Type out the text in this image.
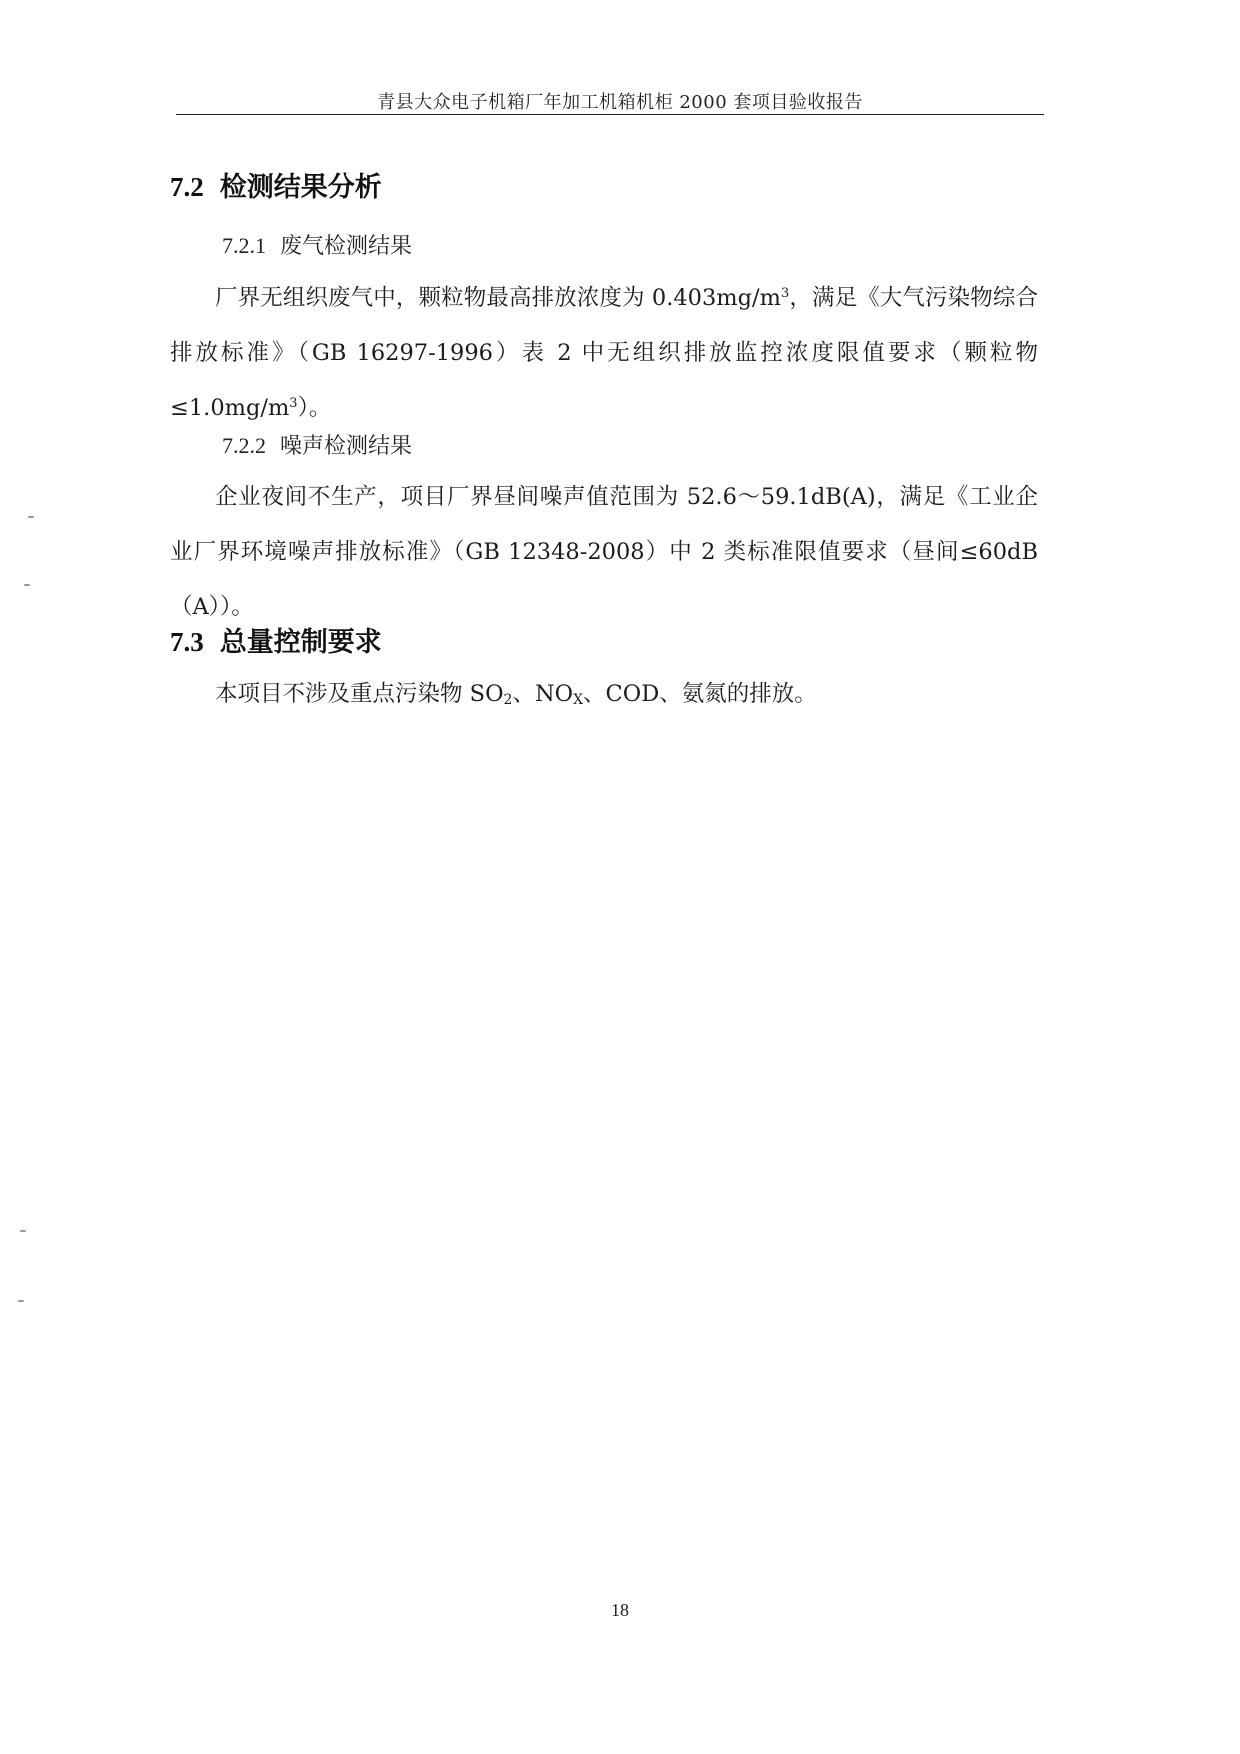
青县大众电子机箱厂年加工机箱机柜 2000 套项目验收报告
7.2 检测结果分析
7.2.1 废气检测结果
厂界无组织废气中，颗粒物最高排放浓度为 $0.403mg/m^3$，满足《大气污染物综合排放标准》（GB 16297-1996）表 2 中无组织排放监控浓度限值要求（颗粒物$\le 1.0mg/m^3$）。
7.2.2 噪声检测结果
企业夜间不生产，项目厂界昼间噪声值范围为 52.6～59.1dB(A)，满足《工业企业厂界环境噪声排放标准》（GB 12348-2008）中 2 类标准限值要求（昼间≤60dB（A））。
7.3 总量控制要求
本项目不涉及重点污染物 $SO_2$、$NO_X$、COD、氨氮的排放。
18
